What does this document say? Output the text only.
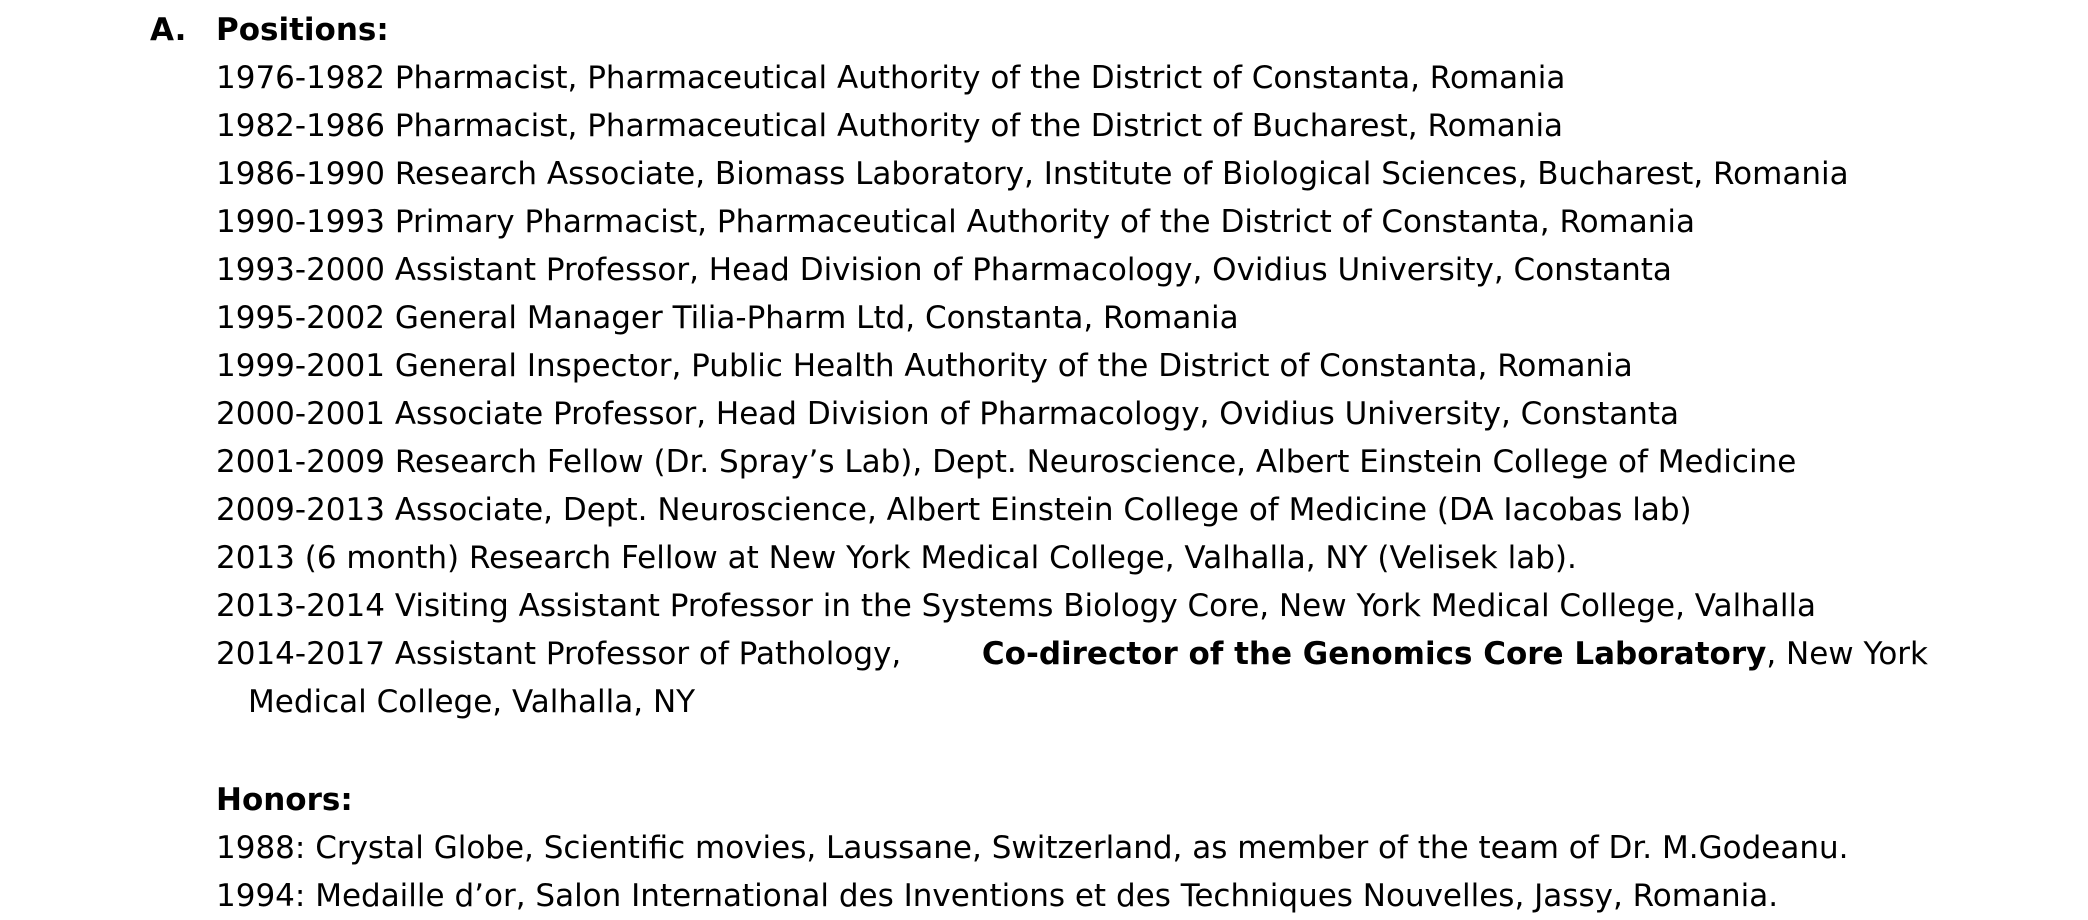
A. Positions:
1976-1982 Pharmacist, Pharmaceutical Authority of the District of Constanta, Romania
1982-1986 Pharmacist, Pharmaceutical Authority of the District of Bucharest, Romania
1986-1990 Research Associate, Biomass Laboratory, Institute of Biological Sciences, Bucharest, Romania
1990-1993 Primary Pharmacist, Pharmaceutical Authority of the District of Constanta, Romania
1993-2000 Assistant Professor, Head Division of Pharmacology, Ovidius University, Constanta
1995-2002 General Manager Tilia-Pharm Ltd, Constanta, Romania
1999-2001 General Inspector, Public Health Authority of the District of Constanta, Romania
2000-2001 Associate Professor, Head Division of Pharmacology, Ovidius University, Constanta
2001-2009 Research Fellow (Dr. Spray’s Lab), Dept. Neuroscience, Albert Einstein College of Medicine
2009-2013 Associate, Dept. Neuroscience, Albert Einstein College of Medicine (DA Iacobas lab)
2013 (6 month) Research Fellow at New York Medical College, Valhalla, NY (Velisek lab).
2013-2014 Visiting Assistant Professor in the Systems Biology Core, New York Medical College, Valhalla
2014-2017 Assistant Professor of Pathology,	Co-director of the Genomics Core Laboratory, New York
Medical College, Valhalla, NY
Honors:
1988: Crystal Globe, Scientific movies, Laussane, Switzerland, as member of the team of Dr. M.Godeanu.
1994: Medaille d’or, Salon International des Inventions et des Techniques Nouvelles, Jassy, Romania.
